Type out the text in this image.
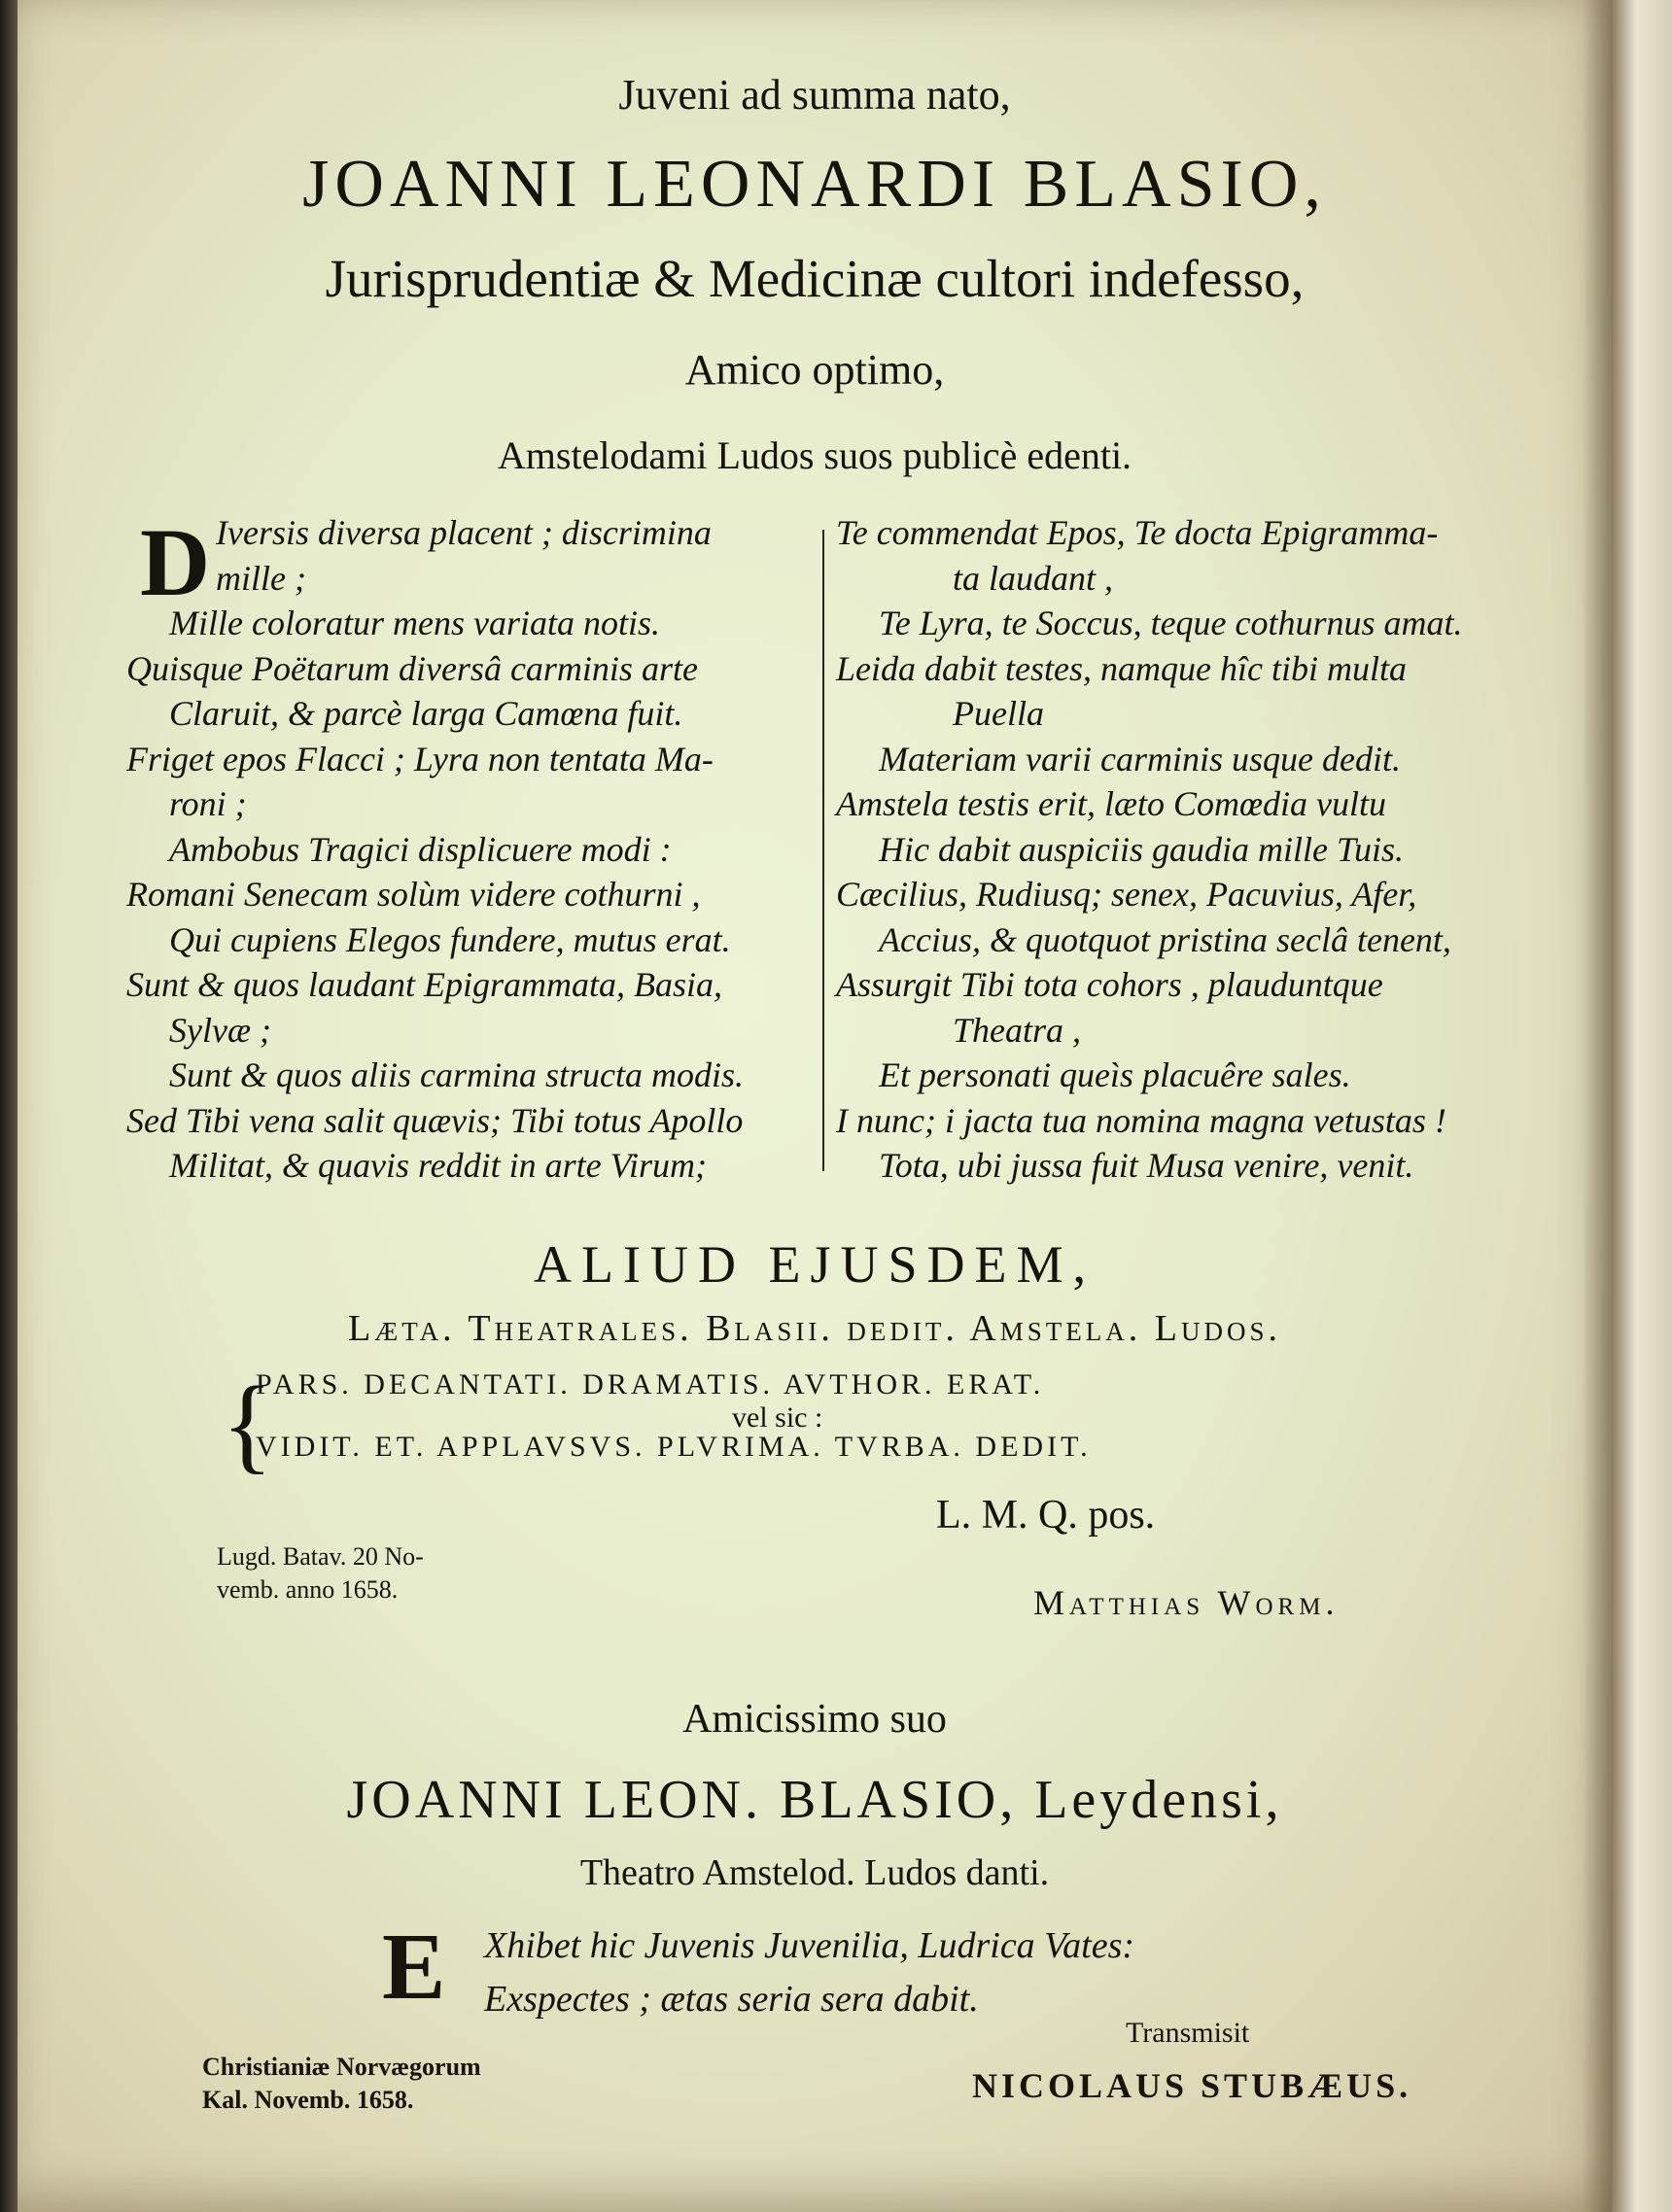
Juveni ad summa nato,
JOANNI LEONARDI BLASIO,
Jurisprudentiæ & Medicinæ cultori indefesso,
Amico optimo,
Amstelodami Ludos suos publicè edenti.
D Iversis diversa placent ; discrimina
mille ;
Mille coloratur mens variata notis.
Quisque Poëtarum diversâ carminis arte
Claruit, & parcè larga Camœna fuit.
Friget epos Flacci ; Lyra non tentata Ma-
roni ;
Ambobus Tragici displicuere modi :
Romani Senecam solùm videre cothurni ,
Qui cupiens Elegos fundere, mutus erat.
Sunt & quos laudant Epigrammata, Basia,
Sylvæ ;
Sunt & quos aliis carmina structa modis.
Sed Tibi vena salit quævis; Tibi totus Apollo
Militat, & quavis reddit in arte Virum;
Te commendat Epos, Te docta Epigramma-
ta laudant ,
Te Lyra, te Soccus, teque cothurnus amat.
Leida dabit testes, namque hîc tibi multa
Puella
Materiam varii carminis usque dedit.
Amstela testis erit, læto Comœdia vultu
Hic dabit auspiciis gaudia mille Tuis.
Cæcilius, Rudiusq; senex, Pacuvius, Afer,
Accius, & quotquot pristina seclâ tenent,
Assurgit Tibi tota cohors , plauduntque
Theatra ,
Et personati queìs placuêre sales.
I nunc; i jacta tua nomina magna vetustas !
Tota, ubi jussa fuit Musa venire, venit.
ALIUD EJUSDEM,
Læta. Theatrales. Blasii. dedit. Amstela. Ludos.
{
PARS. DECANTATI. DRAMATIS. AVTHOR. ERAT.
vel sic :
VIDIT. ET. APPLAVSVS. PLVRIMA. TVRBA. DEDIT.
L. M. Q. pos.
Lugd. Batav. 20 No-
vemb. anno 1658.	Matthias Worm.
Amicissimo suo
JOANNI LEON. BLASIO, Leydensi,
Theatro Amstelod. Ludos danti.
E Xhibet hic Juvenis Juvenilia, Ludrica Vates:
Exspectes ; ætas seria sera dabit.
Transmisit
Christianiæ Norvægorum
Kal. Novemb. 1658.	NICOLAUS STUBÆUS.
